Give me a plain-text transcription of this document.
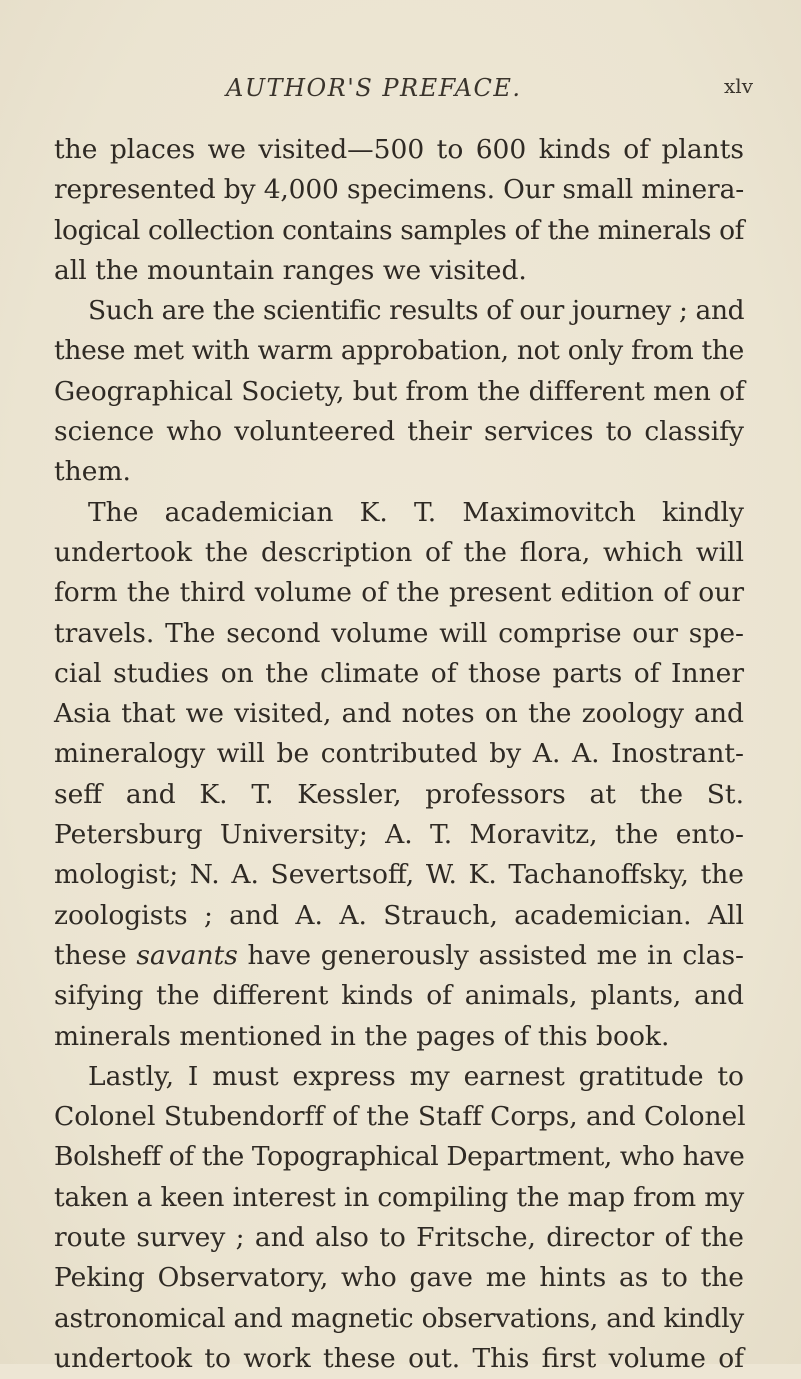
AUTHOR'S PREFACE.	xlv
the places we visited—500 to 600 kinds of plants
represented by 4,000 specimens. Our small minera-
logical collection contains samples of the minerals of
all the mountain ranges we visited.
Such are the scientific results of our journey ; and
these met with warm approbation, not only from the
Geographical Society, but from the different men of
science who volunteered their services to classify
them.
The academician K. T. Maximovitch kindly
undertook the description of the flora, which will
form the third volume of the present edition of our
travels. The second volume will comprise our spe-
cial studies on the climate of those parts of Inner
Asia that we visited, and notes on the zoology and
mineralogy will be contributed by A. A. Inostrant-
seff and K. T. Kessler, professors at the St.
Petersburg University; A. T. Moravitz, the ento-
mologist; N. A. Severtsoff, W. K. Tachanoffsky, the
zoologists ; and A. A. Strauch, academician. All
these savants have generously assisted me in clas-
sifying the different kinds of animals, plants, and
minerals mentioned in the pages of this book.
Lastly, I must express my earnest gratitude to
Colonel Stubendorff of the Staff Corps, and Colonel
Bolsheff of the Topographical Department, who have
taken a keen interest in compiling the map from my
route survey ; and also to Fritsche, director of the
Peking Observatory, who gave me hints as to the
astronomical and magnetic observations, and kindly
undertook to work these out. This first volume of
